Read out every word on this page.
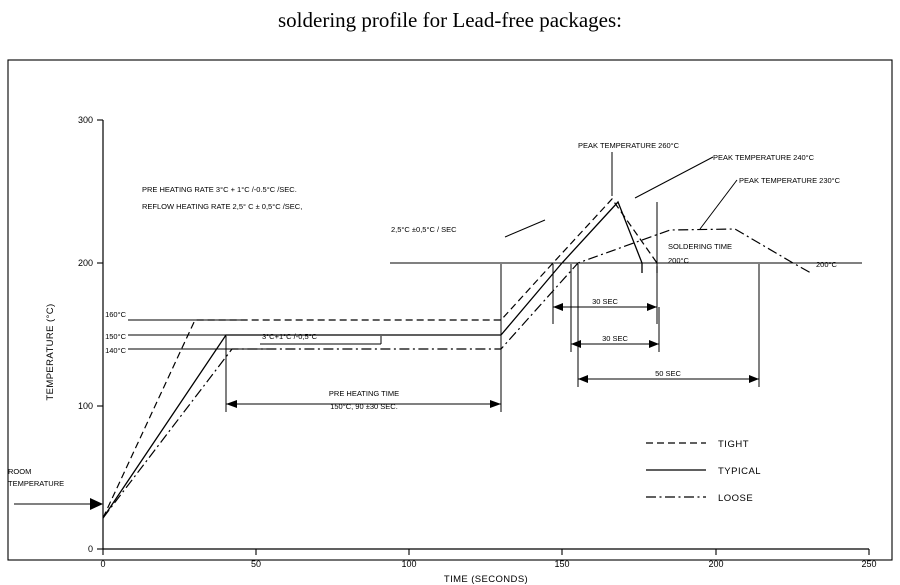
soldering profile for Lead-free packages:
300
200
100
0
0	50	100	150	200	250
TIME (SECONDS)
TEMPERATURE (°C)	160°C
150°C
140°C
200°C
PRE HEATING RATE 3°C + 1°C /-0.5°C /SEC.
REFLOW HEATING RATE 2,5° C ± 0,5°C /SEC,
3°C+1°C /-0,5°C
2,5°C ±0,5°C / SEC
PEAK TEMPERATURE 260°C
PEAK TEMPERATURE 240°C
PEAK TEMPERATURE 230°C
SOLDERING TIME
200°C
30 SEC
30 SEC
50 SEC
PRE HEATING TIME
150°C, 90 ±30 SEC.
ROOM
TEMPERATURE
TIGHT
TYPICAL
LOOSE
